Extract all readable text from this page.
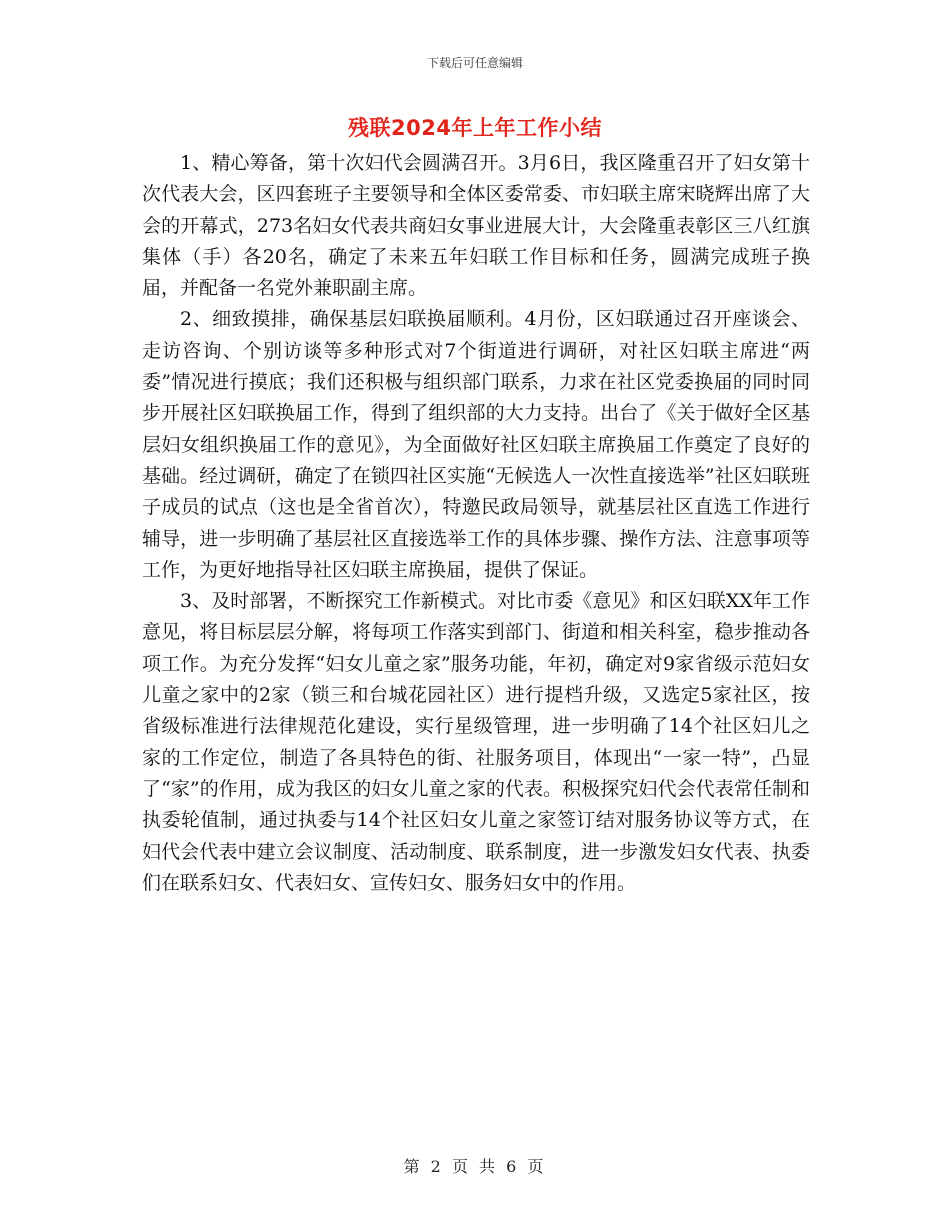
下载后可任意编辑
残联2024年上年工作小结

1、精心筹备，第十次妇代会圆满召开。3月6日，我区隆重召开了妇女第十次代表大会，区四套班子主要领导和全体区委常委、市妇联主席宋晓辉出席了大会的开幕式，273名妇女代表共商妇女事业进展大计，大会隆重表彰区三八红旗集体（手）各20名，确定了未来五年妇联工作目标和任务，圆满完成班子换届，并配备一名党外兼职副主席。

2、细致摸排，确保基层妇联换届顺利。4月份，区妇联通过召开座谈会、走访咨询、个别访谈等多种形式对7个街道进行调研，对社区妇联主席进“两委”情况进行摸底；我们还积极与组织部门联系，力求在社区党委换届的同时同步开展社区妇联换届工作，得到了组织部的大力支持。出台了《关于做好全区基层妇女组织换届工作的意见》，为全面做好社区妇联主席换届工作奠定了良好的基础。经过调研，确定了在锁四社区实施“无候选人一次性直接选举”社区妇联班子成员的试点（这也是全省首次），特邀民政局领导，就基层社区直选工作进行辅导，进一步明确了基层社区直接选举工作的具体步骤、操作方法、注意事项等工作，为更好地指导社区妇联主席换届，提供了保证。

3、及时部署，不断探究工作新模式。对比市委《意见》和区妇联XX年工作意见，将目标层层分解，将每项工作落实到部门、街道和相关科室，稳步推动各项工作。为充分发挥“妇女儿童之家”服务功能，年初，确定对9家省级示范妇女儿童之家中的2家（锁三和台城花园社区）进行提档升级，又选定5家社区，按省级标准进行法律规范化建设，实行星级管理，进一步明确了14个社区妇儿之家的工作定位，制造了各具特色的街、社服务项目，体现出“一家一特”，凸显了“家”的作用，成为我区的妇女儿童之家的代表。积极探究妇代会代表常任制和执委轮值制，通过执委与14个社区妇女儿童之家签订结对服务协议等方式，在妇代会代表中建立会议制度、活动制度、联系制度，进一步激发妇女代表、执委们在联系妇女、代表妇女、宣传妇女、服务妇女中的作用。

第 2 页 共 6 页
